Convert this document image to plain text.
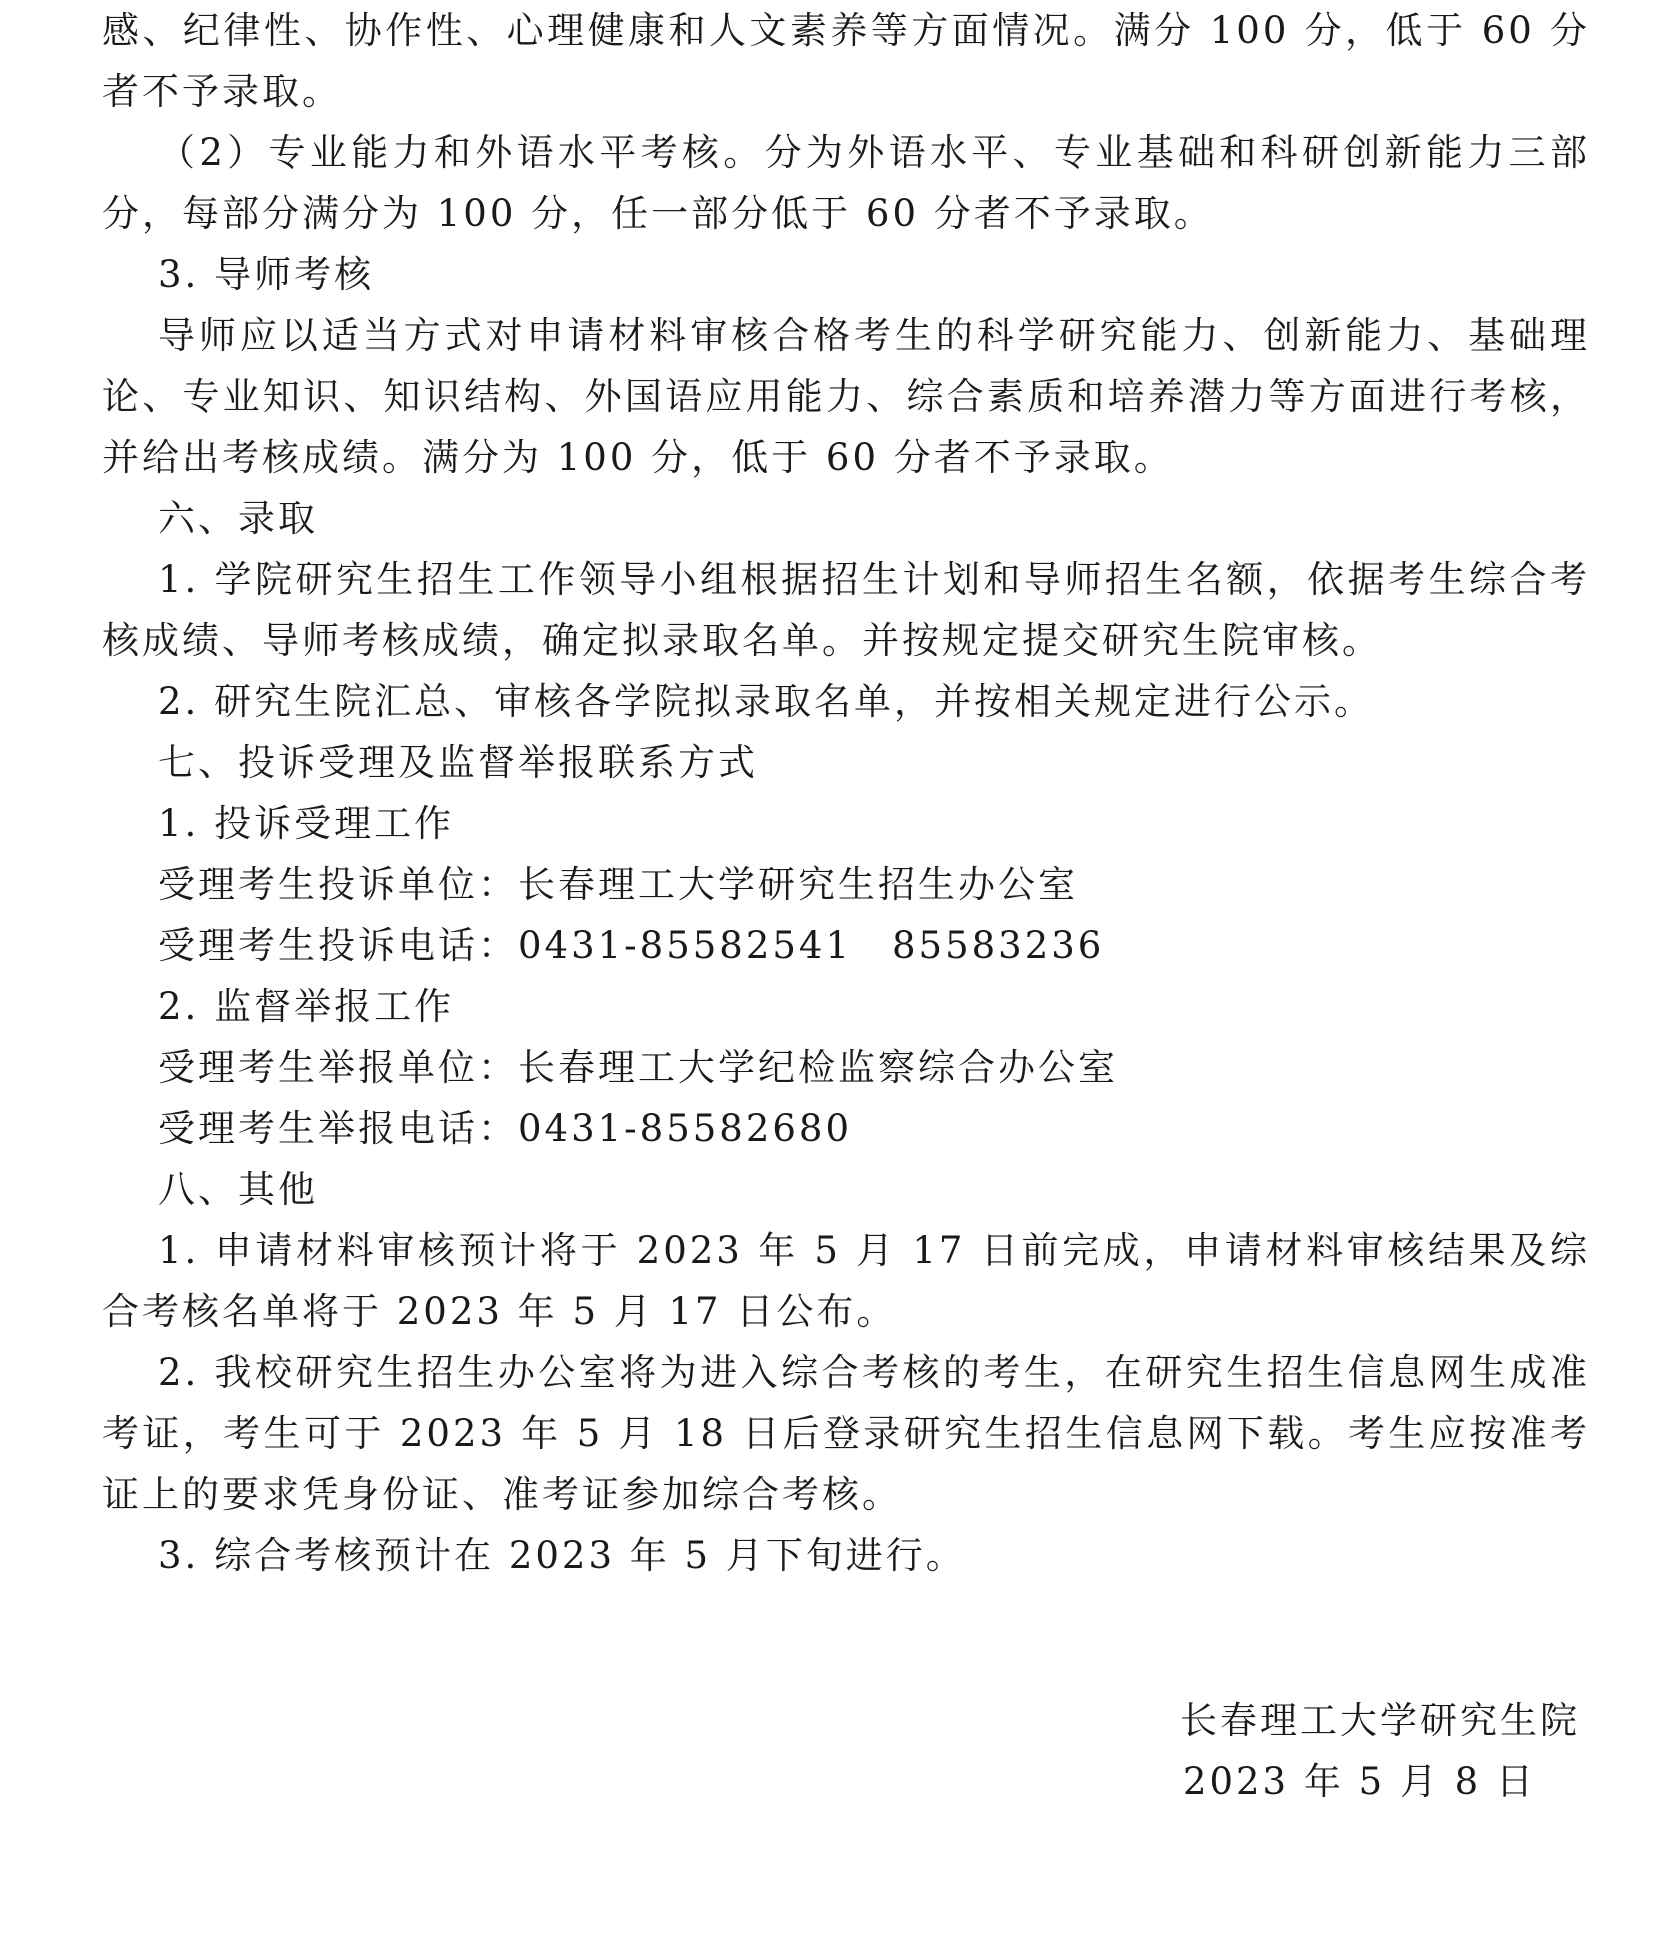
感、纪律性、协作性、心理健康和人文素养等方面情况。满分 100 分，低于 60 分者不予录取。

（2）专业能力和外语水平考核。分为外语水平、专业基础和科研创新能力三部分，每部分满分为 100 分，任一部分低于 60 分者不予录取。

3. 导师考核

导师应以适当方式对申请材料审核合格考生的科学研究能力、创新能力、基础理论、专业知识、知识结构、外国语应用能力、综合素质和培养潜力等方面进行考核，并给出考核成绩。满分为 100 分，低于 60 分者不予录取。

六、录取

1. 学院研究生招生工作领导小组根据招生计划和导师招生名额，依据考生综合考核成绩、导师考核成绩，确定拟录取名单。并按规定提交研究生院审核。

2. 研究生院汇总、审核各学院拟录取名单，并按相关规定进行公示。

七、投诉受理及监督举报联系方式

1. 投诉受理工作

受理考生投诉单位：长春理工大学研究生招生办公室

受理考生投诉电话：0431-85582541　85583236

2. 监督举报工作

受理考生举报单位：长春理工大学纪检监察综合办公室

受理考生举报电话：0431-85582680

八、其他

1. 申请材料审核预计将于 2023 年 5 月 17 日前完成，申请材料审核结果及综合考核名单将于 2023 年 5 月 17 日公布。

2. 我校研究生招生办公室将为进入综合考核的考生，在研究生招生信息网生成准考证，考生可于 2023 年 5 月 18 日后登录研究生招生信息网下载。考生应按准考证上的要求凭身份证、准考证参加综合考核。

3. 综合考核预计在 2023 年 5 月下旬进行。

长春理工大学研究生院
2023 年 5 月 8 日
